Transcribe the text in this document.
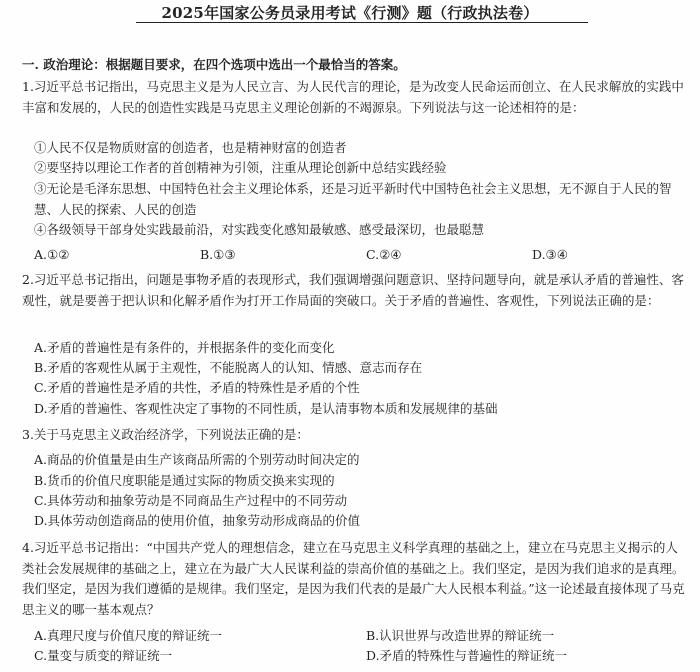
2025年国家公务员录用考试《行测》题（行政执法卷）
一. 政治理论：根据题目要求，在四个选项中选出一个最恰当的答案。
1.习近平总书记指出，马克思主义是为人民立言、为人民代言的理论，是为改变人民命运而创立、在人民求解放的实践中丰富和发展的，人民的创造性实践是马克思主义理论创新的不竭源泉。下列说法与这一论述相符的是：
①人民不仅是物质财富的创造者，也是精神财富的创造者
②要坚持以理论工作者的首创精神为引领，注重从理论创新中总结实践经验
③无论是毛泽东思想、中国特色社会主义理论体系，还是习近平新时代中国特色社会主义思想，无不源自于人民的智慧、人民的探索、人民的创造
④各级领导干部身处实践最前沿，对实践变化感知最敏感、感受最深切，也最聪慧
A.①②	B.①③	C.②④	D.③④
2.习近平总书记指出，问题是事物矛盾的表现形式，我们强调增强问题意识、坚持问题导向，就是承认矛盾的普遍性、客观性，就是要善于把认识和化解矛盾作为打开工作局面的突破口。关于矛盾的普遍性、客观性，下列说法正确的是：
A.矛盾的普遍性是有条件的，并根据条件的变化而变化
B.矛盾的客观性从属于主观性，不能脱离人的认知、情感、意志而存在
C.矛盾的普遍性是矛盾的共性，矛盾的特殊性是矛盾的个性
D.矛盾的普遍性、客观性决定了事物的不同性质，是认清事物本质和发展规律的基础
3.关于马克思主义政治经济学，下列说法正确的是：
A.商品的价值量是由生产该商品所需的个别劳动时间决定的
B.货币的价值尺度职能是通过实际的物质交换来实现的
C.具体劳动和抽象劳动是不同商品生产过程中的不同劳动
D.具体劳动创造商品的使用价值，抽象劳动形成商品的价值
4.习近平总书记指出：“中国共产党人的理想信念，建立在马克思主义科学真理的基础之上，建立在马克思主义揭示的人类社会发展规律的基础之上，建立在为最广大人民谋利益的崇高价值的基础之上。我们坚定，是因为我们追求的是真理。我们坚定，是因为我们遵循的是规律。我们坚定，是因为我们代表的是最广大人民根本利益。”这一论述最直接体现了马克思主义的哪一基本观点？
A.真理尺度与价值尺度的辩证统一	B.认识世界与改造世界的辩证统一
C.量变与质变的辩证统一	D.矛盾的特殊性与普遍性的辩证统一
